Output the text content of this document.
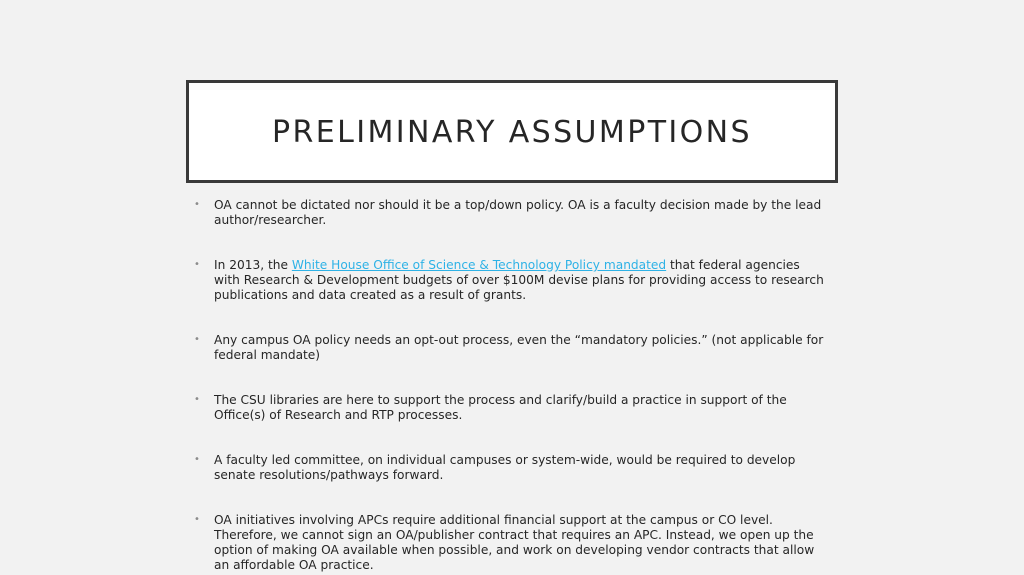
PRELIMINARY ASSUMPTIONS
• OA cannot be dictated nor should it be a top/down policy. OA is a faculty decision made by the lead author/researcher.
• In 2013, the White House Office of Science & Technology Policy mandated that federal agencies with Research & Development budgets of over $100M devise plans for providing access to research publications and data created as a result of grants.
• Any campus OA policy needs an opt-out process, even the “mandatory policies.” (not applicable for federal mandate)
• The CSU libraries are here to support the process and clarify/build a practice in support of the Office(s) of Research and RTP processes.
• A faculty led committee, on individual campuses or system-wide, would be required to develop senate resolutions/pathways forward.
• OA initiatives involving APCs require additional financial support at the campus or CO level. Therefore, we cannot sign an OA/publisher contract that requires an APC. Instead, we open up the option of making OA available when possible, and work on developing vendor contracts that allow an affordable OA practice.
